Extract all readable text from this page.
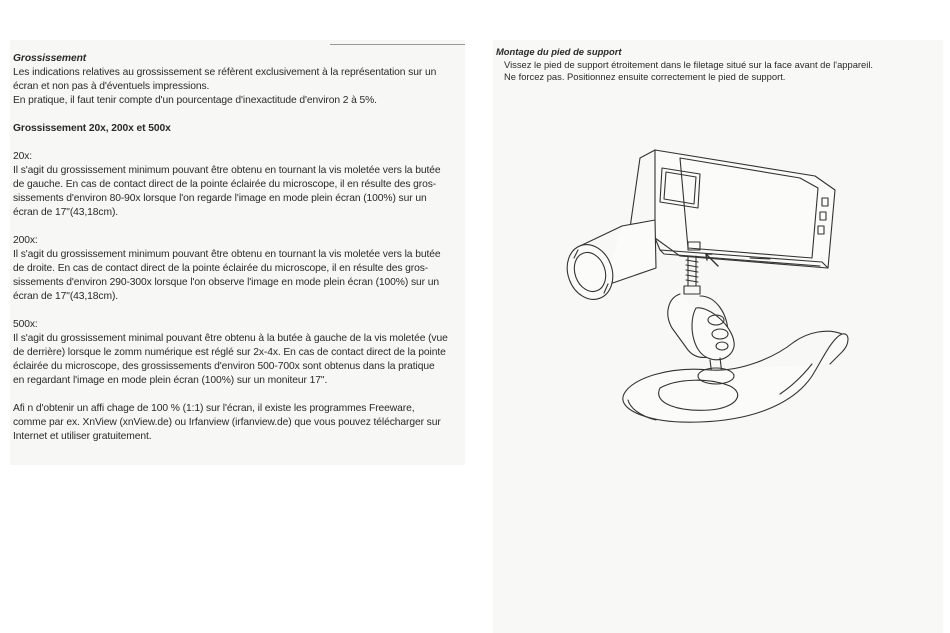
Grossissement

Les indications relatives au grossissement se réfèrent exclusivement à la représentation sur un

écran et non pas à d'éventuels impressions.

En pratique, il faut tenir compte d'un pourcentage d'inexactitude d'environ 2 à 5%.

Grossissement 20x, 200x et 500x

20x:

Il s'agit du grossissement minimum pouvant être obtenu en tournant la vis moletée vers la butée

de gauche. En cas de contact direct de la pointe éclairée du microscope, il en résulte des gros-

sissements d'environ 80-90x lorsque l'on regarde l'image en mode plein écran (100%) sur un

écran de 17"(43,18cm).

200x:

Il s'agit du grossissement minimum pouvant être obtenu en tournant la vis moletée vers la butée

de droite. En cas de contact direct de la pointe éclairée du microscope, il en résulte des gros-

sissements d'environ 290-300x lorsque l'on observe l'image en mode plein écran (100%) sur un

écran de 17"(43,18cm).

500x:

Il s'agit du grossissement minimal pouvant être obtenu à la butée à gauche de la vis moletée (vue

de derrière) lorsque le zomm numérique est réglé sur 2x-4x. En cas de contact direct de la pointe

éclairée du microscope, des grossissements d'environ 500-700x sont obtenus dans la pratique

en regardant l'image en mode plein écran (100%) sur un moniteur 17".

Afi n d'obtenir un affi chage de 100 % (1:1) sur l'écran, il existe les programmes Freeware,

comme par ex. XnView (xnView.de) ou Irfanview (irfanview.de) que vous pouvez télécharger sur

Internet et utiliser gratuitement.

Montage du pied de support

Vissez le pied de support étroitement dans le filetage situé sur la face avant de l'appareil.

Ne forcez pas. Positionnez ensuite correctement le pied de support.
